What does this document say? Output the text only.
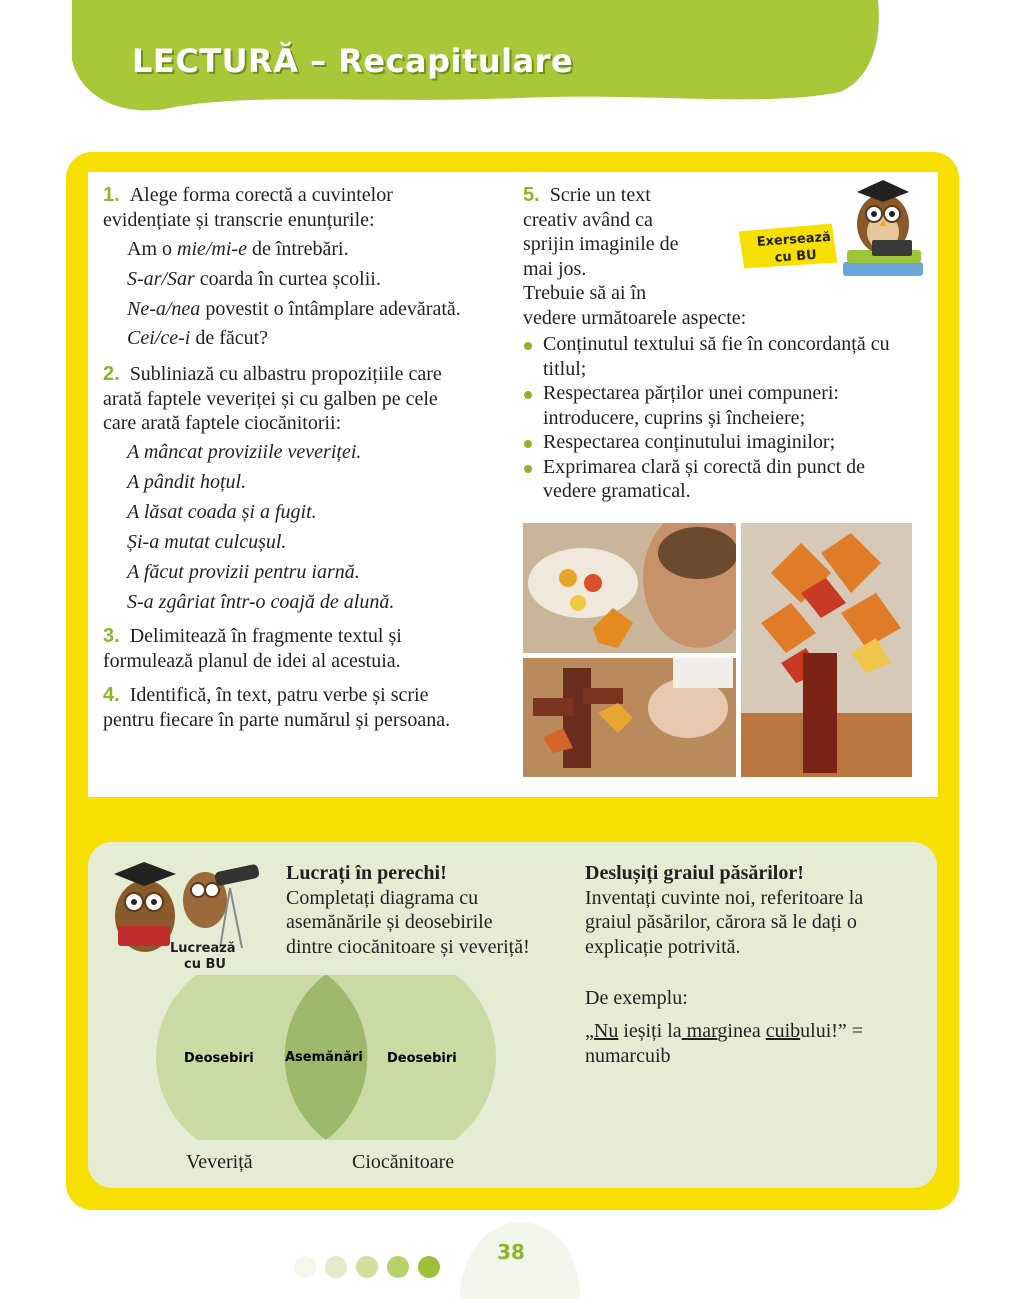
LECTURĂ – Recapitulare
1. Alege forma corectă a cuvintelor
evidențiate și transcrie enunțurile:
Am o mie/mi-e de întrebări.
S-ar/Sar coarda în curtea școlii.
Ne-a/nea povestit o întâmplare adevărată.
Cei/ce-i de făcut?
2. Subliniază cu albastru propozițiile care
arată faptele veveriței și cu galben pe cele
care arată faptele ciocănitorii:
A mâncat proviziile veveriței.
A pândit hoțul.
A lăsat coada și a fugit.
Și-a mutat culcușul.
A făcut provizii pentru iarnă.
S-a zgâriat într-o coajă de alună.
3. Delimitează în fragmente textul și
formulează planul de idei al acestuia.
4. Identifică, în text, patru verbe și scrie
pentru fiecare în parte numărul și persoana.
5. Scrie un text
creativ având ca
sprijin imaginile de
mai jos.
Trebuie să ai în
vedere următoarele aspecte:
Conținutul textului să fie în concordanță cu titlul;
Respectarea părților unei compuneri: introducere, cuprins și încheiere;
Respectarea conținutului imaginilor;
Exprimarea clară și corectă din punct de vedere gramatical.
Exersează
cu BU
Lucrează
cu BU
Lucrați în perechi!
Completați diagrama cu
asemănările și deosebirile
dintre ciocănitoare și veveriță!
Deosebiri Asemănări Deosebiri
Veveriță	Ciocănitoare
Deslușiți graiul păsărilor!
Inventați cuvinte noi, referitoare la
graiul păsărilor, cărora să le dați o
explicație potrivită.
De exemplu:
„Nu ieșiți la marginea cuibului!” =
numarcuib
38
